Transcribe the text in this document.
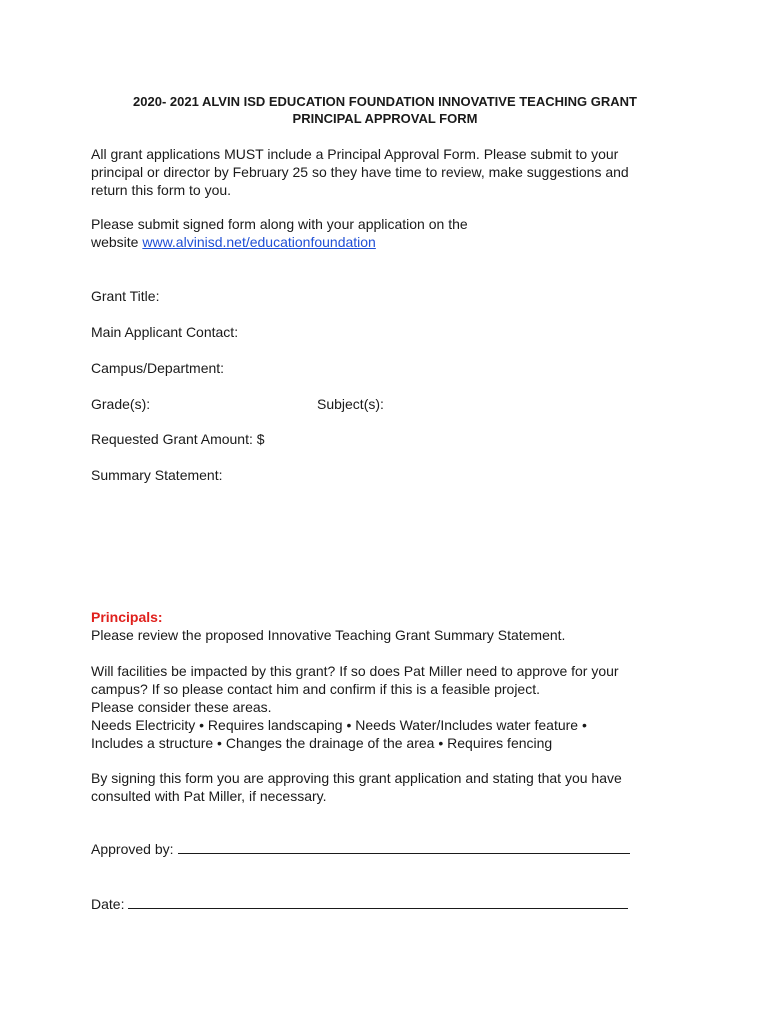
2020- 2021 ALVIN ISD EDUCATION FOUNDATION INNOVATIVE TEACHING GRANT
PRINCIPAL APPROVAL FORM
All grant applications MUST include a Principal Approval Form. Please submit to your
principal or director by February 25 so they have time to review, make suggestions and
return this form to you.
Please submit signed form along with your application on the
website www.alvinisd.net/educationfoundation
Grant Title:
Main Applicant Contact:
Campus/Department:
Grade(s):	Subject(s):
Requested Grant Amount: $
Summary Statement:
Principals:
Please review the proposed Innovative Teaching Grant Summary Statement.
Will facilities be impacted by this grant? If so does Pat Miller need to approve for your
campus? If so please contact him and confirm if this is a feasible project.
Please consider these areas.
Needs Electricity • Requires landscaping • Needs Water/Includes water feature •
Includes a structure • Changes the drainage of the area • Requires fencing
By signing this form you are approving this grant application and stating that you have
consulted with Pat Miller, if necessary.
Approved by:
Date:
